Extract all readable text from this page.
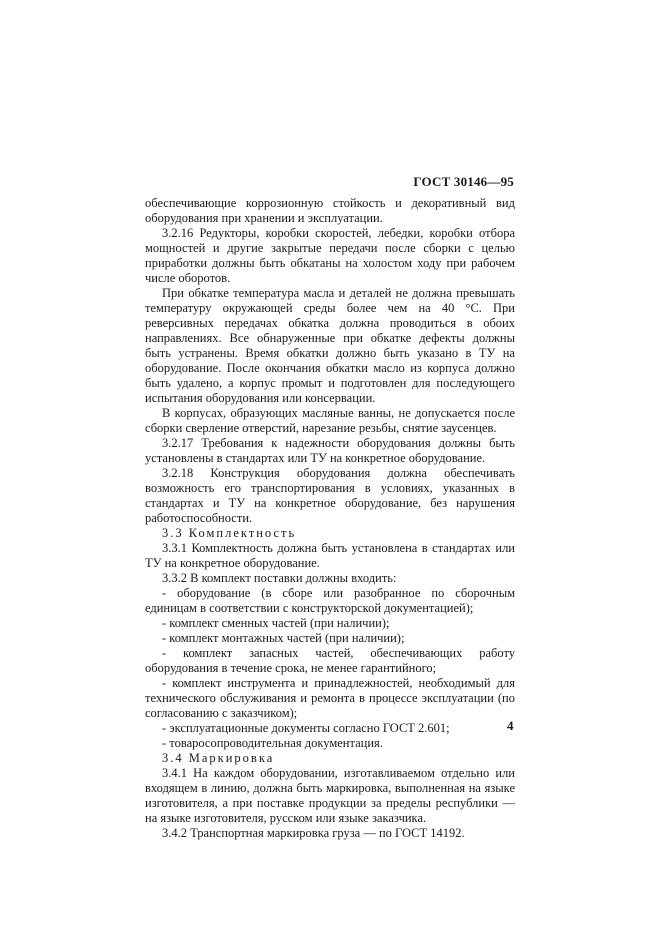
ГОСТ 30146—95

обеспечивающие коррозионную стойкость и декоративный вид оборудования при хранении и эксплуатации.

3.2.16 Редукторы, коробки скоростей, лебедки, коробки отбора мощностей и другие закрытые передачи после сборки с целью приработки должны быть обкатаны на холостом ходу при рабочем числе оборотов.

При обкатке температура масла и деталей не должна превышать температуру окружающей среды более чем на 40 °С. При реверсивных передачах обкатка должна проводиться в обоих направлениях. Все обнаруженные при обкатке дефекты должны быть устранены. Время обкатки должно быть указано в ТУ на оборудование. После окончания обкатки масло из корпуса должно быть удалено, а корпус промыт и подготовлен для последующего испытания оборудования или консервации.

В корпусах, образующих масляные ванны, не допускается после сборки сверление отверстий, нарезание резьбы, снятие заусенцев.

3.2.17 Требования к надежности оборудования должны быть установлены в стандартах или ТУ на конкретное оборудование.

3.2.18 Конструкция оборудования должна обеспечивать возможность его транспортирования в условиях, указанных в стандартах и ТУ на конкретное оборудование, без нарушения работоспособности.

3.3 Комплектность

3.3.1 Комплектность должна быть установлена в стандартах или ТУ на конкретное оборудование.

3.3.2 В комплект поставки должны входить:

- оборудование (в сборе или разобранное по сборочным единицам в соответствии с конструкторской документацией);

- комплект сменных частей (при наличии);

- комплект монтажных частей (при наличии);

- комплект запасных частей, обеспечивающих работу оборудования в течение срока, не менее гарантийного;

- комплект инструмента и принадлежностей, необходимый для технического обслуживания и ремонта в процессе эксплуатации (по согласованию с заказчиком);

- эксплуатационные документы согласно ГОСТ 2.601;

- товаросопроводительная документация.

3.4 Маркировка

3.4.1 На каждом оборудовании, изготавливаемом отдельно или входящем в линию, должна быть маркировка, выполненная на языке изготовителя, а при поставке продукции за пределы республики — на языке изготовителя, русском или языке заказчика.

3.4.2 Транспортная маркировка груза — по ГОСТ 14192.

4
